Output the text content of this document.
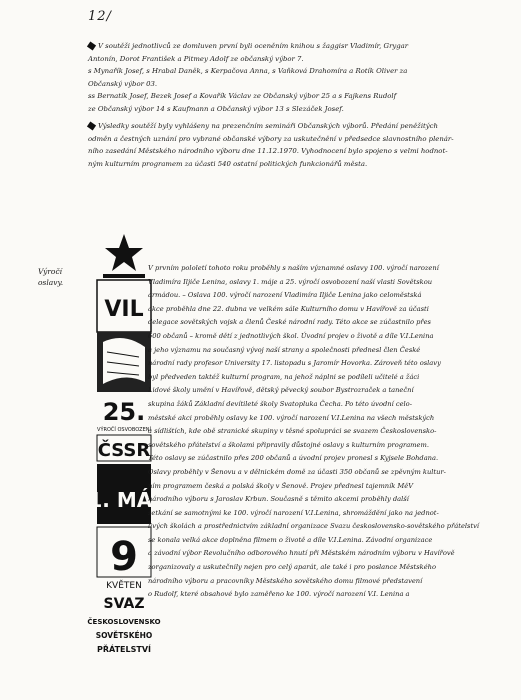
12/
V soutěži jednotlivců ze domluven první byli oceněním knihou s žaggisr Vladimír, Grygar
Antonín, Dorot František a Pitmey Adolf ze občanský výbor 7.
s Mynařík Josef, s Hrabal Daněk, s Kerpačova Anna, s Vaňková Drahomíra a Rotík Oliver za
Občanský výbor 03.
ss Bernatík Josef, Bezek Josef a Kovařík Václav ze Občanský výbor 25 a s Fajkens Rudolf
ze Občanský výbor 14 s Kaufmann a Občanský výbor 13 s Slezáček Josef.
Výsledky soutěží byly vyhlášeny na prezenčním semináři Občanských výborů. Předání peněžitých
odměn a čestných uznání pro vybrané občanské výbory za uskutečnění v předsedce slavnostního plenár-
ního zasedání Městského národního výboru dne 11.12.1970. Vyhodnocení bylo spojeno s velmi hodnot-
ným kulturním programem za účasti 540 ostatní politických funkcionářů města.
Výročí
oslavy.
VIL
25.
VÝROČÍ OSVOBOZENÍ
ČSSR
1. MÁJ
9
KVĚTEN
SVAZ
ČESKOSLOVENSKO
SOVĚTSKÉHO
PŘÁTELSTVÍ
V prvním pololetí tohoto roku proběhly s naším významné oslavy 100. výročí narození
Vladimíra Iljiče Lenina, oslavy 1. máje a 25. výročí osvobození naší vlasti Sovětskou
armádou. – Oslava 100. výročí narození Vladimíra Iljiče Lenina jako celoměstská
akce proběhla dne 22. dubna ve velkém sále Kulturního domu v Havířově za účasti
delegace sovětských vojsk a členů České národní rady. Této akce se zúčastnilo přes
600 občanů – kromě dětí z jednotlivých škol. Úvodní projev o životě a díle V.I.Lenina
a jeho významu na současný vývoj naší strany a společnosti přednesl člen České
národní rady profesor University 17. listopadu s Jaromír Hovorka. Zároveň této oslavy
byl předveden taktéž kulturní program, na jehož náplni se podíleli učitelé a žáci
Lidové školy umění v Havířově, dětský pěvecký soubor Bystrozraček a taneční
skupina žáků Základní devítileté školy Svatopluka Čecha. Po této úvodní celo-
městské akci proběhly oslavy ke 100. výročí narození V.I.Lenina na všech městských
a sídlištích, kde obě stranické skupiny v těsné spolupráci se svazem Československo-
sovětského přátelství a školami připravily důstojné oslavy s kulturním programem.
Této oslavy se zúčastnilo přes 200 občanů a úvodní projev pronesl s Kyjsele Bohdana.
Oslavy proběhly v Šenovu a v dělnickém domě za účasti 350 občanů se zpěvným kultur-
ním programem česká a polská školy v Šenově. Projev přednesl tajemník MěV
národního výboru s Jaroslav Krbun. Současně s těmito akcemi proběhly další
setkání se samotnými ke 100. výročí narození V.I.Lenina, shromáždění jako na jednot-
livých školách a prostřednictvím základní organizace Svazu československo-sovětského přátelství
se konala velká akce doplněna filmem o životě a díle V.I.Lenina. Závodní organizace
a závodní výbor Revolučního odborového hnutí při Městském národním výboru v Havířově
zorganizovaly a uskutečnily nejen pro celý aparát, ale také i pro poslance Městského
národního výboru a pracovníky Městského sovětského domu filmové představení
o Rudolf, které obsahové bylo zaměřeno ke 100. výročí narození V.I. Lenina a
